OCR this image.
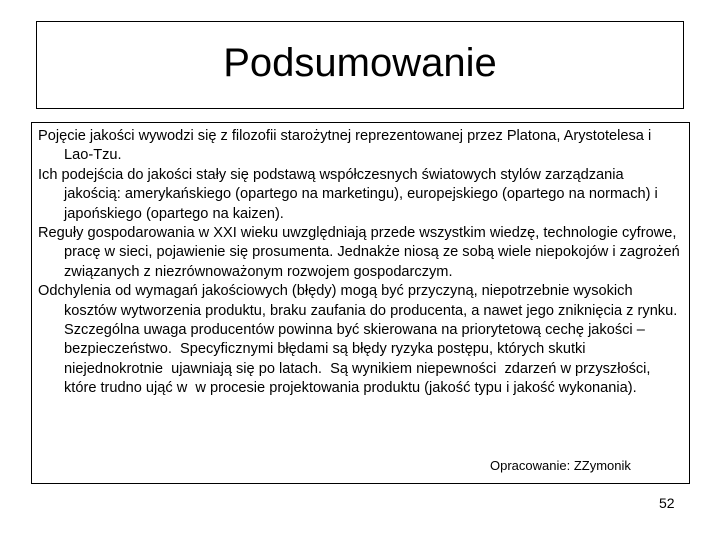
Podsumowanie

Pojęcie jakości wywodzi się z filozofii starożytnej reprezentowanej przez Platona, Arystotelesa i Lao-Tzu.

Ich podejścia do jakości stały się podstawą współczesnych światowych stylów zarządzania jakością: amerykańskiego (opartego na marketingu), europejskiego (opartego na normach) i japońskiego (opartego na kaizen).

Reguły gospodarowania w XXI wieku uwzględniają przede wszystkim wiedzę, technologie cyfrowe, pracę w sieci, pojawienie się prosumenta. Jednakże niosą ze sobą wiele niepokojów i zagrożeń związanych z niezrównoważonym rozwojem gospodarczym.

Odchylenia od wymagań jakościowych (błędy) mogą być przyczyną, niepotrzebnie wysokich kosztów wytworzenia produktu, braku zaufania do producenta, a nawet jego zniknięcia z rynku. Szczególna uwaga producentów powinna być skierowana na priorytetową cechę jakości – bezpieczeństwo.  Specyficznymi błędami są błędy ryzyka postępu, których skutki  niejednokrotnie  ujawniają się po latach.  Są wynikiem niepewności  zdarzeń w przyszłości, które trudno ująć w  w procesie projektowania produktu (jakość typu i jakość wykonania).

Opracowanie: ZZymonik
52
